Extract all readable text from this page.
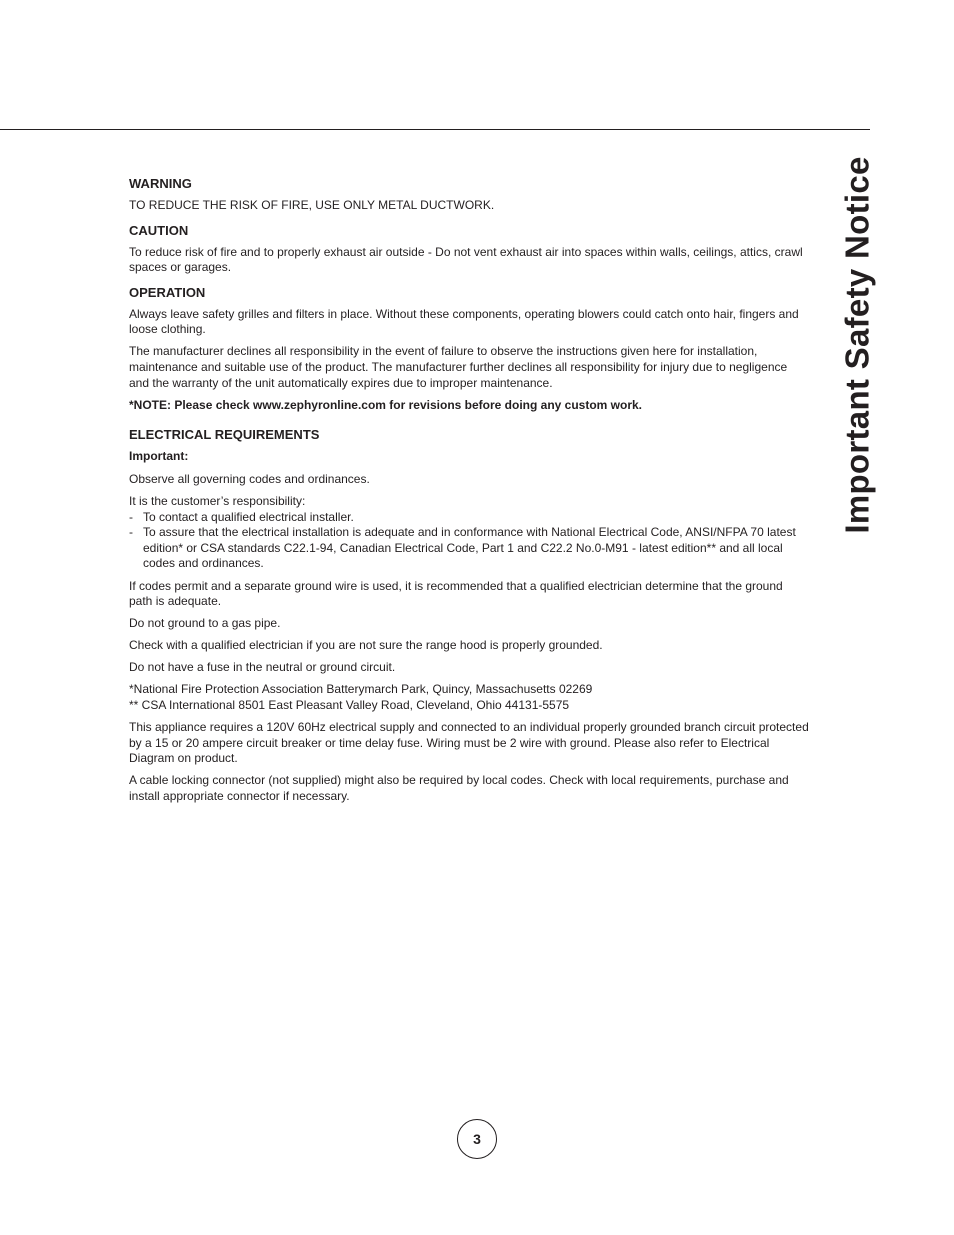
Important Safety Notice
WARNING

TO REDUCE THE RISK OF FIRE, USE ONLY METAL DUCTWORK.

CAUTION

To reduce risk of fire and to properly exhaust air outside - Do not vent exhaust air into spaces within walls, ceilings, attics, crawl spaces or garages.

OPERATION

Always leave safety grilles and filters in place. Without these components, operating blowers could catch onto hair, fingers and loose clothing.

The manufacturer declines all responsibility in the event of failure to observe the instructions given here for installation, maintenance and suitable use of the product. The manufacturer further declines all responsibility for injury due to negligence and the warranty of the unit automatically expires due to improper maintenance.

*NOTE: Please check www.zephyronline.com for revisions before doing any custom work.

ELECTRICAL REQUIREMENTS

Important:

Observe all governing codes and ordinances.

It is the customer’s responsibility:

- To contact a qualified electrical installer.
- To assure that the electrical installation is adequate and in conformance with National Electrical Code, ANSI/NFPA 70 latest edition* or CSA standards C22.1-94, Canadian Electrical Code, Part 1 and C22.2 No.0-M91 - latest edition** and all local codes and ordinances.

If codes permit and a separate ground wire is used, it is recommended that a qualified electrician determine that the ground path is adequate.

Do not ground to a gas pipe.

Check with a qualified electrician if you are not sure the range hood is properly grounded.

Do not have a fuse in the neutral or ground circuit.

*National Fire Protection Association Batterymarch Park, Quincy, Massachusetts 02269

** CSA International 8501 East Pleasant Valley Road, Cleveland, Ohio 44131-5575

This appliance requires a 120V 60Hz electrical supply and connected to an individual properly grounded branch circuit protected by a 15 or 20 ampere circuit breaker or time delay fuse. Wiring must be 2 wire with ground. Please also refer to Electrical Diagram on product.

A cable locking connector (not supplied) might also be required by local codes. Check with local requirements, purchase and install appropriate connector if necessary.

3
